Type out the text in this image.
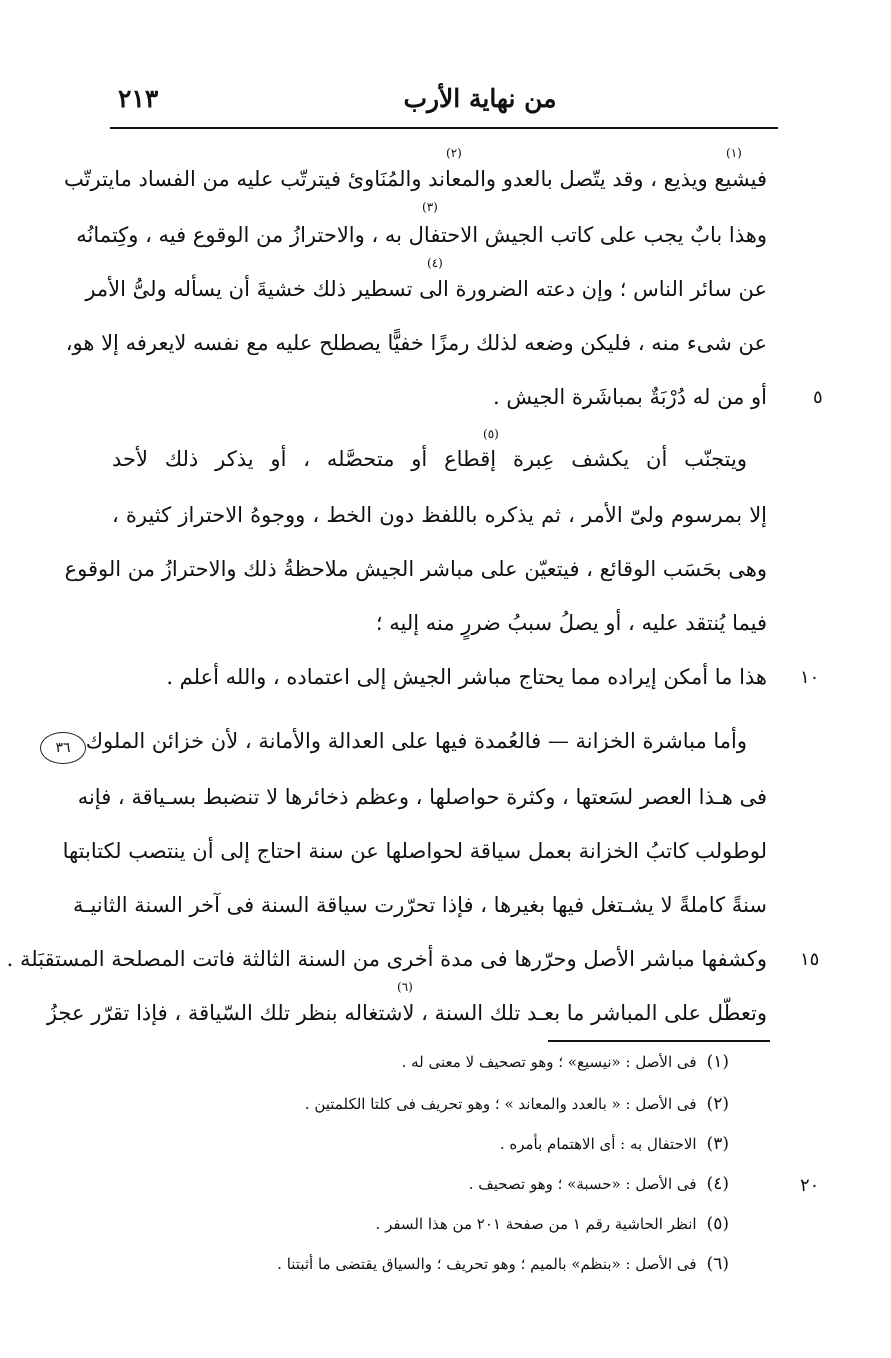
من نهاية الأرب
٢١٣
(١)
(٢)
(٣)
(٤)
(٥)
(٦)
فيشيع ويذيع ، وقد يتّصل بالعدو والمعاند والمُنَاوئ فيترتّب عليه من الفساد مايترتّب
وهذا بابٌ يجب على كاتب الجيش الاحتفال به ، والاحترازُ من الوقوع فيه ، وكِتمانُه
عن سائر الناس ؛ وإن دعته الضرورة الى تسطير ذلك خشيةَ أن يسأله ولىُّ الأمر
عن شىء منه ، فليكن وضعه لذلك رمزًا خفيًّا يصطلح عليه مع نفسه لايعرفه إلا هو،
أو من له دُرْبَةٌ بمباشَرة الجيش .
ويتجنّب أن يكشف عِبرة إقطاع أو متحصَّله ، أو يذكر ذلك لأحد
إلا بمرسوم ولىّ الأمر ، ثم يذكره باللفظ دون الخط ، ووجوهُ الاحتراز كثيرة ،
وهى بحَسَب الوقائع ، فيتعيّن على مباشر الجيش ملاحظةُ ذلك والاحترازُ من الوقوع
فيما يُنتقد عليه ، أو يصلُ سببُ ضررٍ منه إليه ؛
هذا ما أمكن إيراده مما يحتاج مباشر الجيش إلى اعتماده ، والله أعلم .
وأما مباشرة الخزانة — فالعُمدة فيها على العدالة والأمانة ، لأن خزائن الملوك
فى هـذا العصر لسَعتها ، وكثرة حواصلها ، وعظم ذخائرها لا تنضبط بسـياقة ، فإنه
لوطولب كاتبُ الخزانة بعمل سياقة لحواصلها عن سنة احتاج إلى أن ينتصب لكتابتها
سنةً كاملةً لا يشـتغل فيها بغيرها ، فإذا تحرّرت سياقة السنة فى آخر السنة الثانيـة
وكشفها مباشر الأصل وحرّرها فى مدة أخرى من السنة الثالثة فاتت المصلحة المستقبَلة .
وتعطّل على المباشر ما بعـد تلك السنة ، لاشتغاله بنظر تلك السّياقة ، فإذا تقرّر عجزُ
٥
١٠
١٥
٢٠
٣٦
(١)فى الأصل : «نيسيع» ؛ وهو تصحيف لا معنى له .
(٢)فى الأصل : « بالعدد والمعاند » ؛ وهو تحريف فى كلتا الكلمتين .
(٣)الاحتفال به : أى الاهتمام بأمره .
(٤)فى الأصل : «حسبة» ؛ وهو تصحيف .
(٥)انظر الحاشية رقم ١ من صفحة ٢٠١ من هذا السفر .
(٦)فى الأصل : «بنظم» بالميم ؛ وهو تحريف ؛ والسياق يقتضى ما أثبتنا .
